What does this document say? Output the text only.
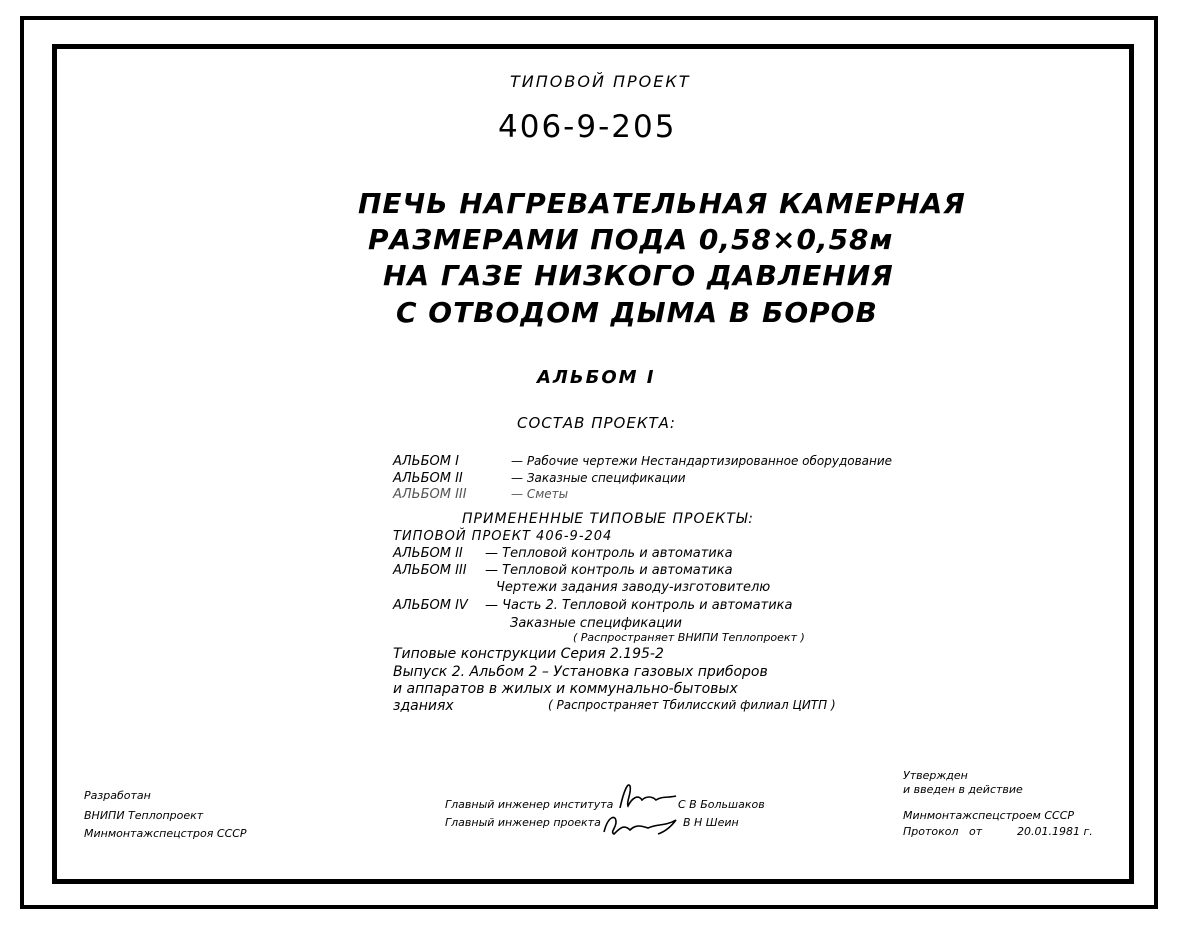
ТИПОВОЙ ПРОЕКТ
406-9-205
ПЕЧЬ НАГРЕВАТЕЛЬНАЯ КАМЕРНАЯ
РАЗМЕРАМИ ПОДА 0,58×0,58м
НА ГАЗЕ НИЗКОГО ДАВЛЕНИЯ
С ОТВОДОМ ДЫМА В БОРОВ
АЛЬБОМ I
СОСТАВ ПРОЕКТА:
АЛЬБОМ I	— Рабочие чертежи Нестандартизированное оборудование
АЛЬБОМ II	— Заказные спецификации
АЛЬБОМ III	— Сметы
ПРИМЕНЕННЫЕ ТИПОВЫЕ ПРОЕКТЫ:
ТИПОВОЙ ПРОЕКТ 406-9-204
АЛЬБОМ II — Тепловой контроль и автоматика
АЛЬБОМ III — Тепловой контроль и автоматика
Чертежи задания заводу-изготовителю
АЛЬБОМ IV — Часть 2. Тепловой контроль и автоматика
Заказные спецификации
( Распространяет ВНИПИ Теплопроект )
Типовые конструкции Серия 2.195-2
Выпуск 2. Альбом 2 – Установка газовых приборов
и аппаратов в жилых и коммунально-бытовых
зданиях	( Распространяет Тбилисский филиал ЦИТП )
Разработан
ВНИПИ Теплопроект
Минмонтажспецстроя СССР
Главный инженер института
Главный инженер проекта
С В Большаков
В Н Шеин
Утвержден
и введен в действие
Минмонтажспецстроем СССР
Протокол от	20.01.1981 г.
